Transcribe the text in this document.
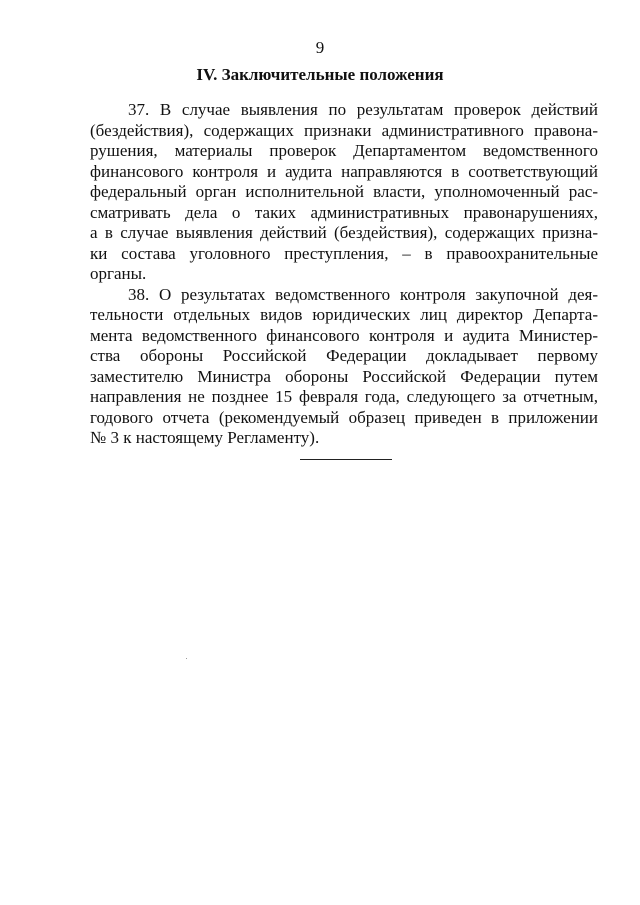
9
IV. Заключительные положения
37. В случае выявления по результатам проверок действий
(бездействия), содержащих признаки административного правона-
рушения, материалы проверок Департаментом ведомственного
финансового контроля и аудита направляются в соответствующий
федеральный орган исполнительной власти, уполномоченный рас-
сматривать дела о таких административных правонарушениях,
а в случае выявления действий (бездействия), содержащих призна-
ки состава уголовного преступления, – в правоохранительные
органы.
38. О результатах ведомственного контроля закупочной дея-
тельности отдельных видов юридических лиц директор Департа-
мента ведомственного финансового контроля и аудита Министер-
ства обороны Российской Федерации докладывает первому
заместителю Министра обороны Российской Федерации путем
направления не позднее 15 февраля года, следующего за отчетным,
годового отчета (рекомендуемый образец приведен в приложении
№ 3 к настоящему Регламенту).
